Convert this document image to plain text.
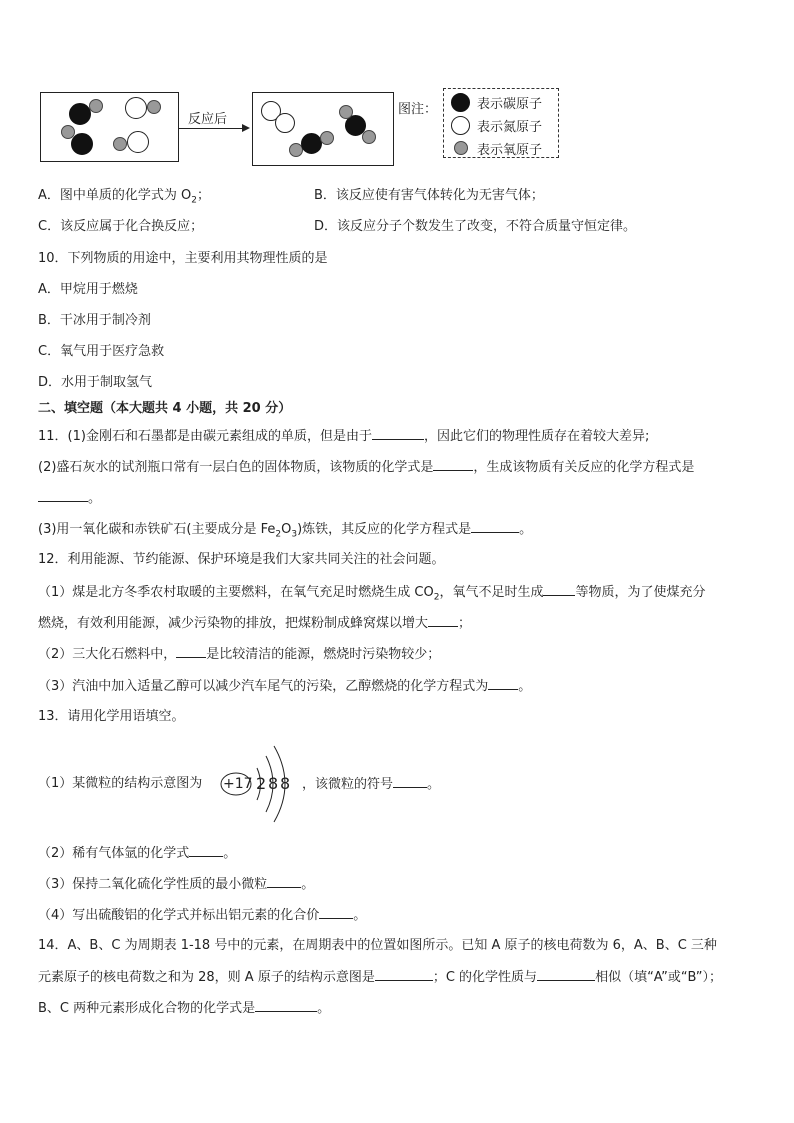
反应后
图注：	表示碳原子
表示氮原子
表示氧原子
A．图中单质的化学式为 $O_2$；	B．该反应使有害气体转化为无害气体；
C．该反应属于化合换反应；	D．该反应分子个数发生了改变，不符合质量守恒定律。
10．下列物质的用途中，主要利用其物理性质的是
A．甲烷用于燃烧
B．干冰用于制冷剂
C．氧气用于医疗急救
D．水用于制取氢气
二、填空题（本大题共 4 小题，共 20 分）
11．(1)金刚石和石墨都是由碳元素组成的单质，但是由于	，因此它们的物理性质存在着较大差异;
(2)盛石灰水的试剂瓶口常有一层白色的固体物质，该物质的化学式是	，生成该物质有关反应的化学方程式是
。
(3)用一氧化碳和赤铁矿石(主要成分是 $Fe_2O_3$)炼铁，其反应的化学方程式是	。
12．利用能源、节约能源、保护环境是我们大家共同关注的社会问题。
（1）煤是北方冬季农村取暖的主要燃料，在氧气充足时燃烧生成 $CO_2$，氧气不足时生成 等物质，为了使煤充分
燃烧，有效利用能源，减少污染物的排放，把煤粉制成蜂窝煤以增大 ；
（2）三大化石燃料中， 是比较清洁的能源，燃烧时污染物较少；
（3）汽油中加入适量乙醇可以减少汽车尾气的污染，乙醇燃烧的化学方程式为 。
13．请用化学用语填空。
（1）某微粒的结构示意图为 +17 2 8 8 ，该微粒的符号	。
（2）稀有气体氩的化学式	。
（3）保持二氧化硫化学性质的最小微粒	。
（4）写出硫酸铝的化学式并标出铝元素的化合价	。
14．A、B、C 为周期表 1-18 号中的元素，在周期表中的位置如图所示。已知 A 原子的核电荷数为 6，A、B、C 三种
元素原子的核电荷数之和为 28，则 A 原子的结构示意图是	；C 的化学性质与	相似（填“A”或“B”）；
B、C 两种元素形成化合物的化学式是	。
